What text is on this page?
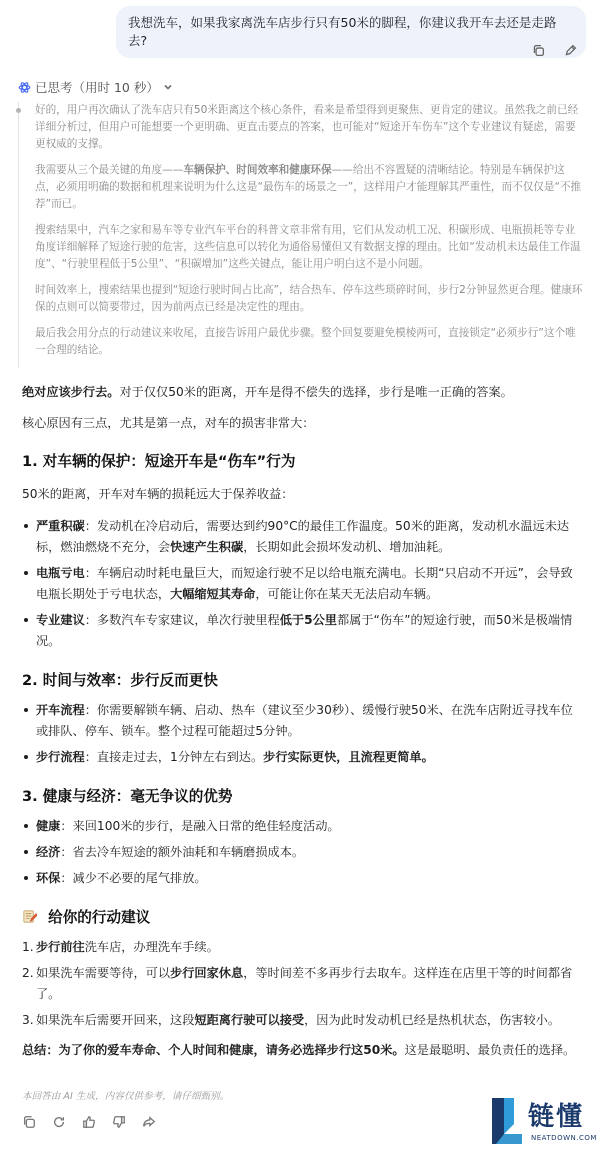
我想洗车，如果我家离洗车店步行只有50米的脚程，你建议我开车去还是走路去?
已思考（用时 10 秒）

好的，用户再次确认了洗车店只有50米距离这个核心条件，看来是希望得到更聚焦、更肯定的建议。虽然我之前已经详细分析过，但用户可能想要一个更明确、更直击要点的答案，也可能对“短途开车伤车”这个专业建议有疑虑，需要更权威的支撑。

我需要从三个最关键的角度——车辆保护、时间效率和健康环保——给出不容置疑的清晰结论。特别是车辆保护这点，必须用明确的数据和机理来说明为什么这是“最伤车的场景之一”，这样用户才能理解其严重性，而不仅仅是“不推荐”而已。

搜索结果中，汽车之家和易车等专业汽车平台的科普文章非常有用，它们从发动机工况、积碳形成、电瓶损耗等专业角度详细解释了短途行驶的危害，这些信息可以转化为通俗易懂但又有数据支撑的理由。比如“发动机未达最佳工作温度”、“行驶里程低于5公里”、“积碳增加”这些关键点，能让用户明白这不是小问题。

时间效率上，搜索结果也提到“短途行驶时间占比高”，结合热车、停车这些琐碎时间，步行2分钟显然更合理。健康环保的点则可以简要带过，因为前两点已经是决定性的理由。

最后我会用分点的行动建议来收尾，直接告诉用户最优步骤。整个回复要避免模棱两可，直接锁定“必须步行”这个唯一合理的结论。

绝对应该步行去。对于仅仅50米的距离，开车是得不偿失的选择，步行是唯一正确的答案。

核心原因有三点，尤其是第一点，对车的损害非常大：

1. 对车辆的保护：短途开车是“伤车”行为

50米的距离，开车对车辆的损耗远大于保养收益：

严重积碳：发动机在冷启动后，需要达到约90°C的最佳工作温度。50米的距离，发动机水温远未达标，燃油燃烧不充分，会快速产生积碳，长期如此会损坏发动机、增加油耗。
电瓶亏电：车辆启动时耗电量巨大，而短途行驶不足以给电瓶充满电。长期“只启动不开远”，会导致电瓶长期处于亏电状态，大幅缩短其寿命，可能让你在某天无法启动车辆。
专业建议：多数汽车专家建议，单次行驶里程低于5公里都属于“伤车”的短途行驶，而50米是极端情况。
2. 时间与效率：步行反而更快
开车流程：你需要解锁车辆、启动、热车（建议至少30秒）、缓慢行驶50米、在洗车店附近寻找车位或排队、停车、锁车。整个过程可能超过5分钟。
步行流程：直接走过去，1分钟左右到达。步行实际更快，且流程更简单。
3. 健康与经济：毫无争议的优势
健康：来回100米的步行，是融入日常的绝佳轻度活动。
经济：省去冷车短途的额外油耗和车辆磨损成本。
环保：减少不必要的尾气排放。
给你的行动建议
1. 步行前往洗车店，办理洗车手续。
2. 如果洗车需要等待，可以步行回家休息，等时间差不多再步行去取车。这样连在店里干等的时间都省了。
3. 如果洗车后需要开回来，这段短距离行驶可以接受，因为此时发动机已经是热机状态，伤害较小。

总结：为了你的爱车寿命、个人时间和健康，请务必选择步行这50米。这是最聪明、最负责任的选择。

本回答由 AI 生成，内容仅供参考，请仔细甄别。
链懂
NEATDOWN.COM
